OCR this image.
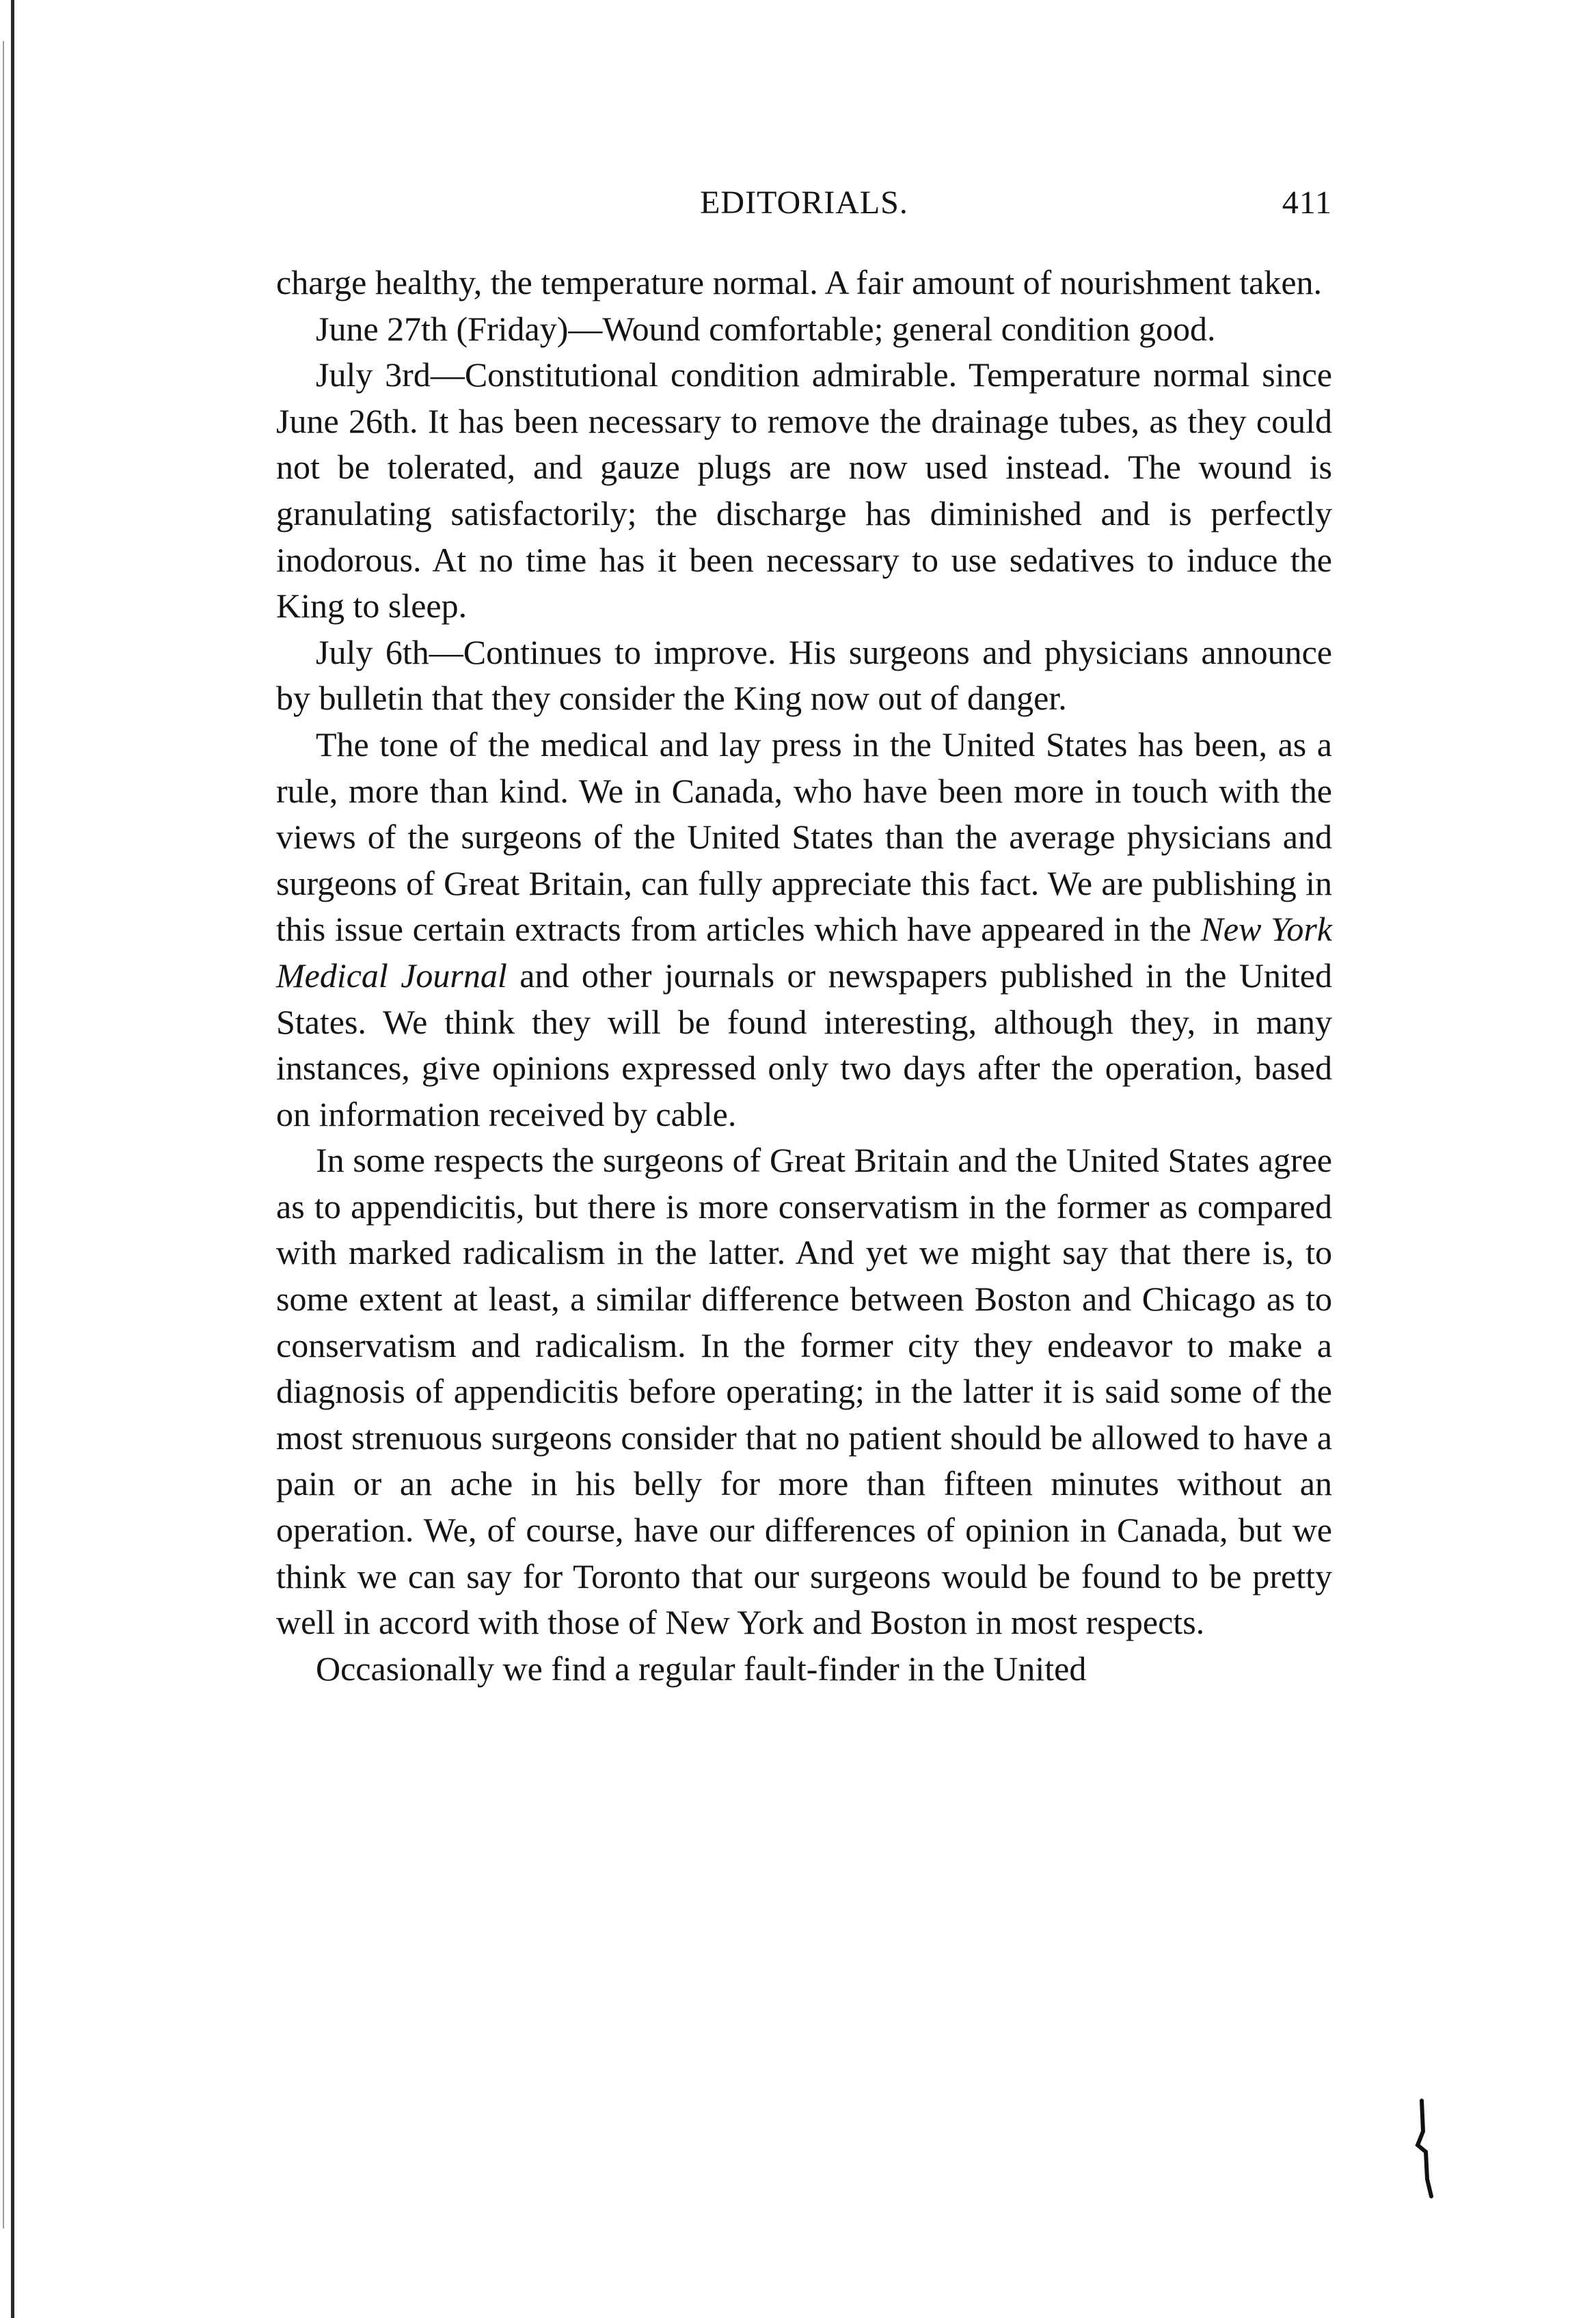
EDITORIALS.	411

charge healthy, the temperature normal. A fair amount of nourishment taken.

June 27th (Friday)—Wound comfortable; general condition good.

July 3rd—Constitutional condition admirable. Temperature normal since June 26th. It has been necessary to remove the drainage tubes, as they could not be tolerated, and gauze plugs are now used instead. The wound is granulating satisfactorily; the discharge has diminished and is perfectly inodorous. At no time has it been necessary to use sedatives to induce the King to sleep.

July 6th—Continues to improve. His surgeons and physicians announce by bulletin that they consider the King now out of danger.

The tone of the medical and lay press in the United States has been, as a rule, more than kind. We in Canada, who have been more in touch with the views of the surgeons of the United States than the average physicians and surgeons of Great Britain, can fully appreciate this fact. We are publishing in this issue certain extracts from articles which have appeared in the New York Medical Journal and other journals or newspapers published in the United States. We think they will be found interesting, although they, in many instances, give opinions expressed only two days after the operation, based on information received by cable.

In some respects the surgeons of Great Britain and the United States agree as to appendicitis, but there is more conservatism in the former as compared with marked radicalism in the latter. And yet we might say that there is, to some extent at least, a similar difference between Boston and Chicago as to conservatism and radicalism. In the former city they endeavor to make a diagnosis of appendicitis before operating; in the latter it is said some of the most strenuous surgeons consider that no patient should be allowed to have a pain or an ache in his belly for more than fifteen minutes without an operation. We, of course, have our differences of opinion in Canada, but we think we can say for Toronto that our surgeons would be found to be pretty well in accord with those of New York and Boston in most respects.

Occasionally we find a regular fault-finder in the United
